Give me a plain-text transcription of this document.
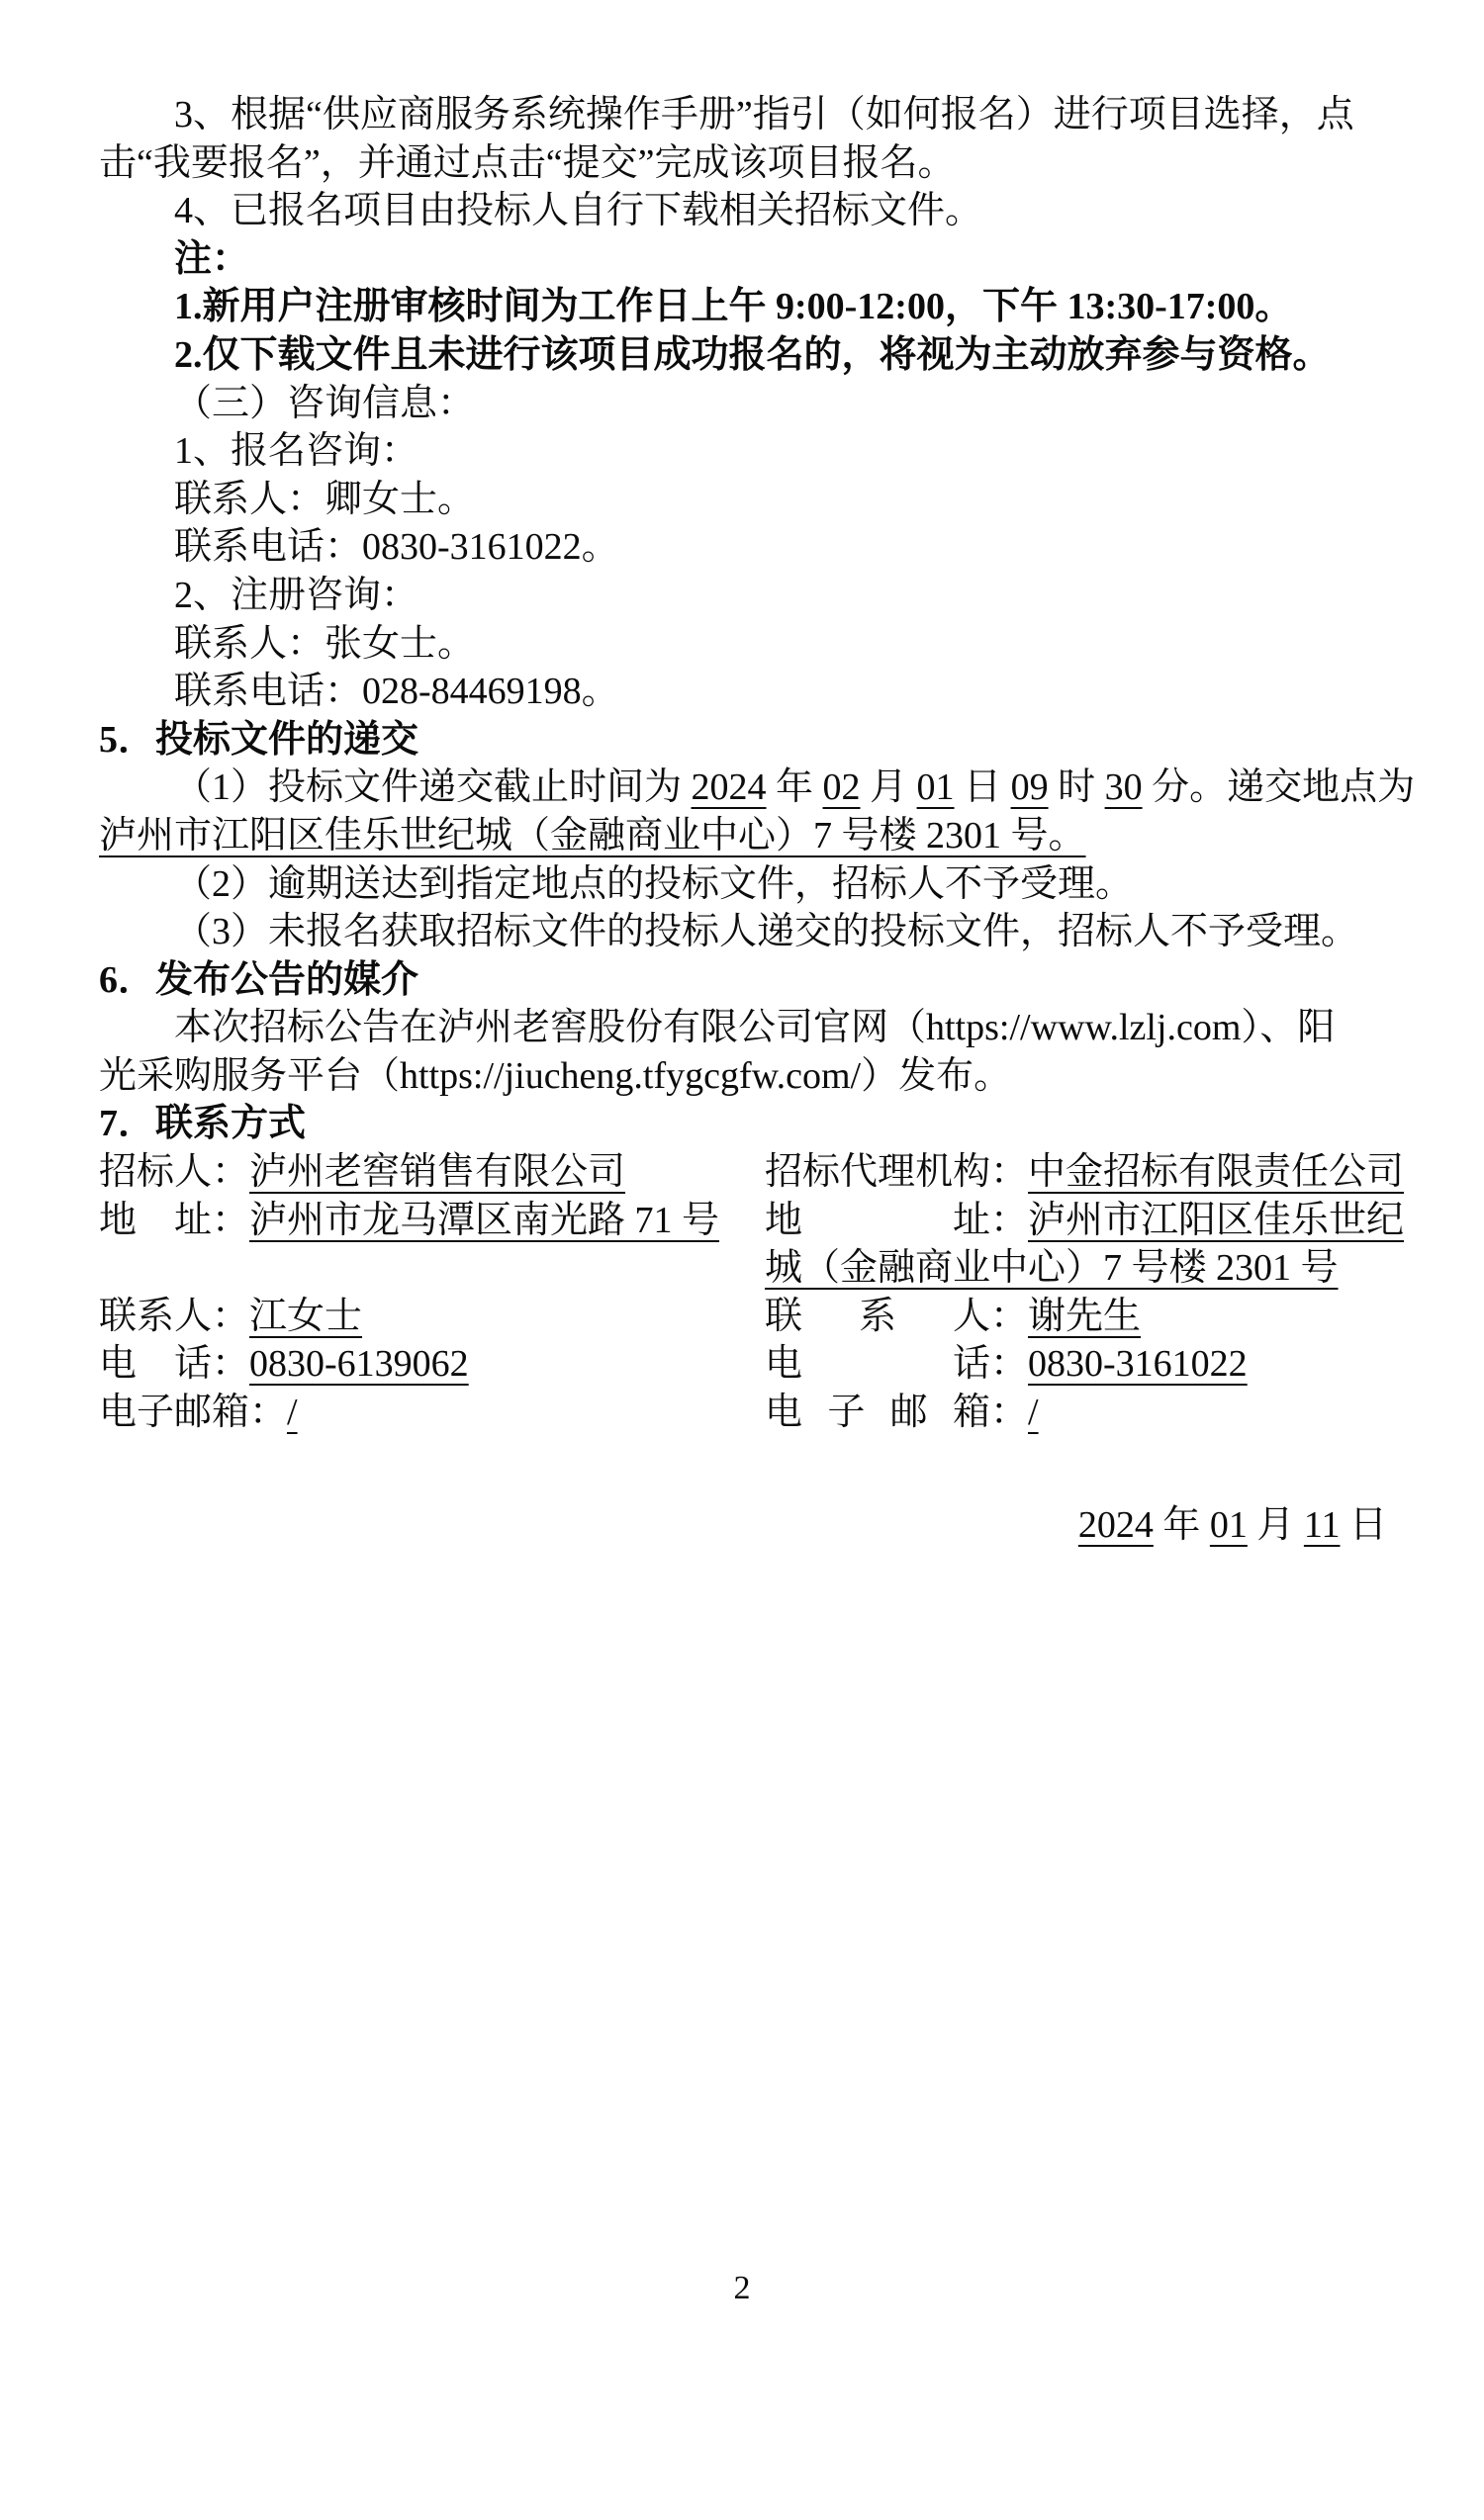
3、根据“供应商服务系统操作手册”指引（如何报名）进行项目选择，点
击“我要报名”，并通过点击“提交”完成该项目报名。
4、已报名项目由投标人自行下载相关招标文件。
注：
1.新用户注册审核时间为工作日上午 9:00-12:00，下午 13:30-17:00。
2.仅下载文件且未进行该项目成功报名的，将视为主动放弃参与资格。
（三）咨询信息：
1、报名咨询：
联系人：卿女士。
联系电话：0830-3161022。
2、注册咨询：
联系人：张女士。
联系电话：028-84469198。
5．投标文件的递交
（1）投标文件递交截止时间为 2024 年 02 月 01 日 09 时 30 分。递交地点为
泸州市江阳区佳乐世纪城（金融商业中心）7 号楼 2301 号。
（2）逾期送达到指定地点的投标文件，招标人不予受理。
（3）未报名获取招标文件的投标人递交的投标文件，招标人不予受理。
6．发布公告的媒介
本次招标公告在泸州老窖股份有限公司官网（https://www.lzlj.com）、阳
光采购服务平台（https://jiucheng.tfygcgfw.com/）发布。
7．联系方式
招 标 人 ：泸州老窖销售有限公司
地 址 ：泸州市龙马潭区南光路 71 号

联 系 人 ：江女士
电 话 ：0830-6139062
电 子 邮 箱 ：/
招 标 代 理 机 构 ：中金招标有限责任公司
地	址 ：泸州市江阳区佳乐世纪
城（金融商业中心）7 号楼 2301 号
联 系 人 ：谢先生
电	话 ：0830-3161022
电 子 邮 箱 ：/
2024 年 01 月 11 日
2
